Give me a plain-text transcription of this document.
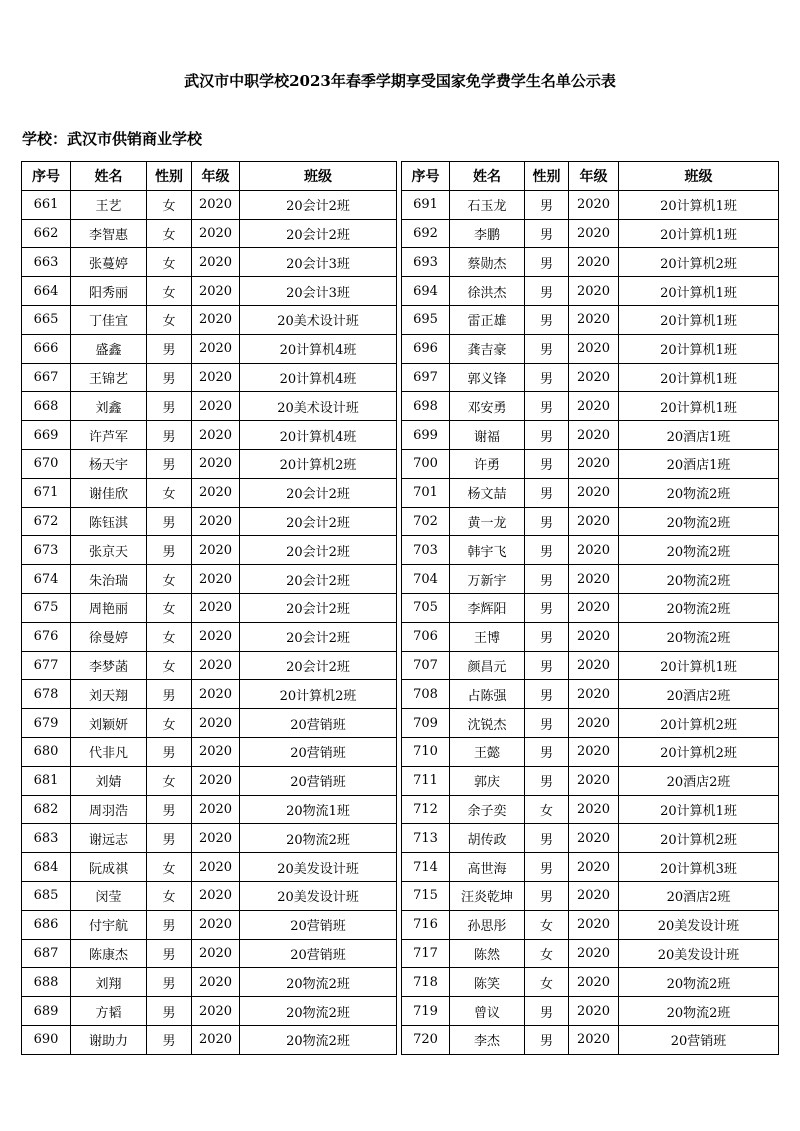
武汉市中职学校2023年春季学期享受国家免学费学生名单公示表
学校：武汉市供销商业学校
序号	姓名	性别	年级	班级
661	王艺	女	2020	20会计2班
662	李智惠	女	2020	20会计2班
663	张蔓婷	女	2020	20会计3班
664	阳秀丽	女	2020	20会计3班
665	丁佳宜	女	2020	20美术设计班
666	盛鑫	男	2020	20计算机4班
667	王锦艺	男	2020	20计算机4班
668	刘鑫	男	2020	20美术设计班
669	许芦军	男	2020	20计算机4班
670	杨天宇	男	2020	20计算机2班
671	谢佳欣	女	2020	20会计2班
672	陈钰淇	男	2020	20会计2班
673	张京天	男	2020	20会计2班
674	朱治瑞	女	2020	20会计2班
675	周艳丽	女	2020	20会计2班
676	徐曼婷	女	2020	20会计2班
677	李梦菡	女	2020	20会计2班
678	刘天翔	男	2020	20计算机2班
679	刘颖妍	女	2020	20营销班
680	代非凡	男	2020	20营销班
681	刘婧	女	2020	20营销班
682	周羽浩	男	2020	20物流1班
683	谢远志	男	2020	20物流2班
684	阮成祺	女	2020	20美发设计班
685	闵莹	女	2020	20美发设计班
686	付宇航	男	2020	20营销班
687	陈康杰	男	2020	20营销班
688	刘翔	男	2020	20物流2班
689	方韬	男	2020	20物流2班
690	谢助力	男	2020	20物流2班
序号	姓名	性别	年级	班级
691	石玉龙	男	2020	20计算机1班
692	李鹏	男	2020	20计算机1班
693	蔡勋杰	男	2020	20计算机2班
694	徐洪杰	男	2020	20计算机1班
695	雷正雄	男	2020	20计算机1班
696	龚吉豪	男	2020	20计算机1班
697	郭义锋	男	2020	20计算机1班
698	邓安勇	男	2020	20计算机1班
699	谢福	男	2020	20酒店1班
700	许勇	男	2020	20酒店1班
701	杨文喆	男	2020	20物流2班
702	黄一龙	男	2020	20物流2班
703	韩宇飞	男	2020	20物流2班
704	万新宇	男	2020	20物流2班
705	李辉阳	男	2020	20物流2班
706	王博	男	2020	20物流2班
707	颜昌元	男	2020	20计算机1班
708	占陈强	男	2020	20酒店2班
709	沈锐杰	男	2020	20计算机2班
710	王懿	男	2020	20计算机2班
711	郭庆	男	2020	20酒店2班
712	余子奕	女	2020	20计算机1班
713	胡传政	男	2020	20计算机2班
714	高世海	男	2020	20计算机3班
715	汪炎乾坤	男	2020	20酒店2班
716	孙思彤	女	2020	20美发设计班
717	陈然	女	2020	20美发设计班
718	陈笑	女	2020	20物流2班
719	曾议	男	2020	20物流2班
720	李杰	男	2020	20营销班
